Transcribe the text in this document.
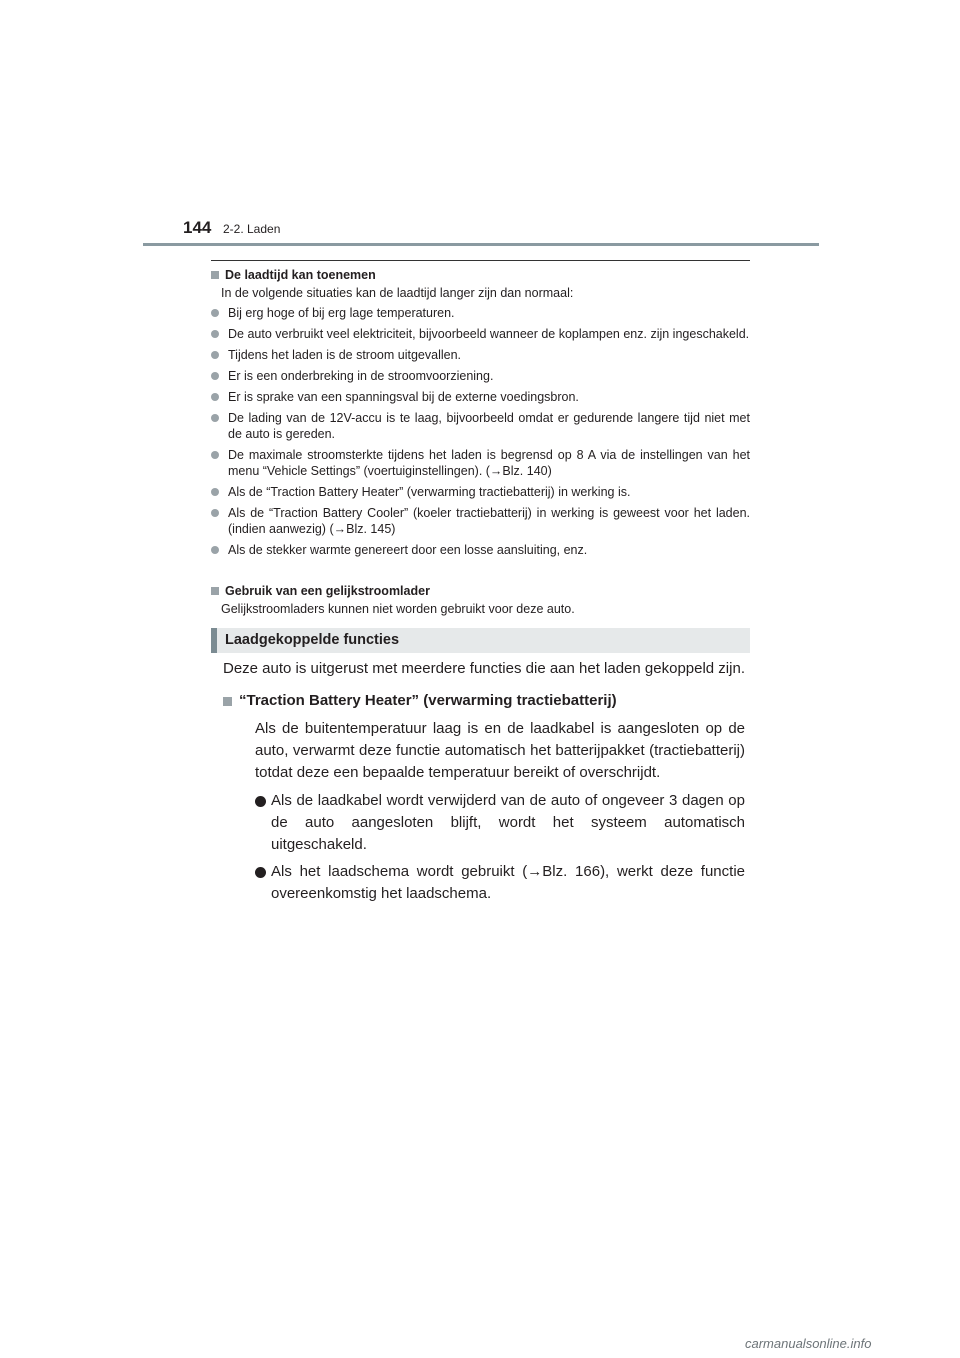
144 2-2. Laden
De laadtijd kan toenemen
In de volgende situaties kan de laadtijd langer zijn dan normaal:
Bij erg hoge of bij erg lage temperaturen.
De auto verbruikt veel elektriciteit, bijvoorbeeld wanneer de koplampen enz. zijn ingeschakeld.
Tijdens het laden is de stroom uitgevallen.
Er is een onderbreking in de stroomvoorziening.
Er is sprake van een spanningsval bij de externe voedingsbron.
De lading van de 12V-accu is te laag, bijvoorbeeld omdat er gedurende langere tijd niet met de auto is gereden.
De maximale stroomsterkte tijdens het laden is begrensd op 8 A via de instellingen van het menu “Vehicle Settings” (voertuiginstellingen). (→Blz. 140)
Als de “Traction Battery Heater” (verwarming tractiebatterij) in werking is.
Als de “Traction Battery Cooler” (koeler tractiebatterij) in werking is geweest voor het laden. (indien aanwezig) (→Blz. 145)
Als de stekker warmte genereert door een losse aansluiting, enz.
Gebruik van een gelijkstroomlader
Gelijkstroomladers kunnen niet worden gebruikt voor deze auto.
Laadgekoppelde functies

Deze auto is uitgerust met meerdere functies die aan het laden gekoppeld zijn.

“Traction Battery Heater” (verwarming tractiebatterij)
Als de buitentemperatuur laag is en de laadkabel is aangesloten op de auto, verwarmt deze functie automatisch het batterijpakket (tractiebatterij) totdat deze een bepaalde temperatuur bereikt of overschrijdt.
Als de laadkabel wordt verwijderd van de auto of ongeveer 3 dagen op de auto aangesloten blijft, wordt het systeem automatisch uitgeschakeld.
Als het laadschema wordt gebruikt (→Blz. 166), werkt deze functie overeenkomstig het laadschema.
carmanualsonline.info
